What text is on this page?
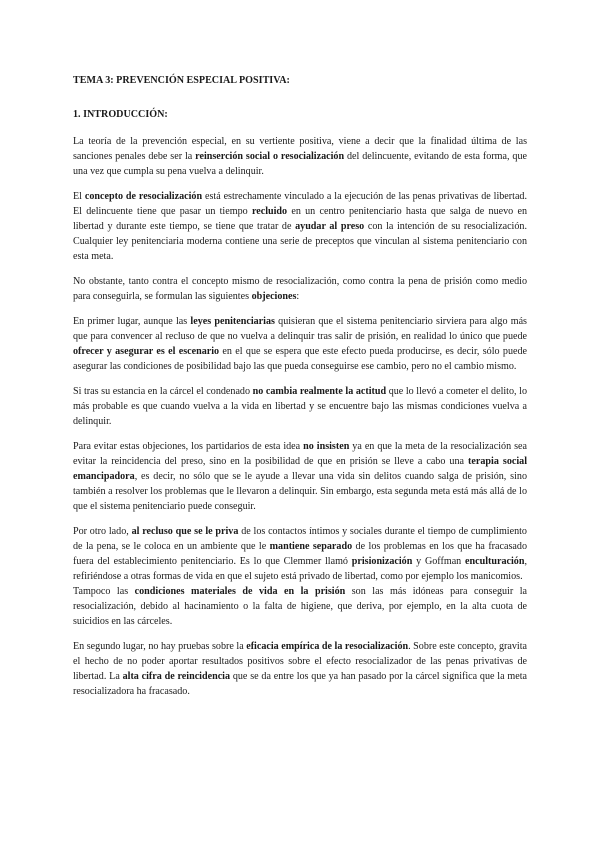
TEMA 3: PREVENCIÓN ESPECIAL POSITIVA:
1. INTRODUCCIÓN:

La teoría de la prevención especial, en su vertiente positiva, viene a decir que la finalidad última de las sanciones penales debe ser la reinserción social o resocialización del delincuente, evitando de esta forma, que una vez que cumpla su pena vuelva a delinquir.

El concepto de resocialización está estrechamente vinculado a la ejecución de las penas privativas de libertad. El delincuente tiene que pasar un tiempo recluido en un centro penitenciario hasta que salga de nuevo en libertad y durante este tiempo, se tiene que tratar de ayudar al preso con la intención de su resocialización. Cualquier ley penitenciaria moderna contiene una serie de preceptos que vinculan al sistema penitenciario con esta meta.

No obstante, tanto contra el concepto mismo de resocialización, como contra la pena de prisión como medio para conseguirla, se formulan las siguientes objeciones:

En primer lugar, aunque las leyes penitenciarias quisieran que el sistema penitenciario sirviera para algo más que para convencer al recluso de que no vuelva a delinquir tras salir de prisión, en realidad lo único que puede ofrecer y asegurar es el escenario en el que se espera que este efecto pueda producirse, es decir, sólo puede asegurar las condiciones de posibilidad bajo las que pueda conseguirse ese cambio, pero no el cambio mismo.

Si tras su estancia en la cárcel el condenado no cambia realmente la actitud que lo llevó a cometer el delito, lo más probable es que cuando vuelva a la vida en libertad y se encuentre bajo las mismas condiciones vuelva a delinquir.

Para evitar estas objeciones, los partidarios de esta idea no insisten ya en que la meta de la resocialización sea evitar la reincidencia del preso, sino en la posibilidad de que en prisión se lleve a cabo una terapia social emancipadora, es decir, no sólo que se le ayude a llevar una vida sin delitos cuando salga de prisión, sino también a resolver los problemas que le llevaron a delinquir. Sin embargo, esta segunda meta está más allá de lo que el sistema penitenciario puede conseguir.

Por otro lado, al recluso que se le priva de los contactos íntimos y sociales durante el tiempo de cumplimiento de la pena, se le coloca en un ambiente que le mantiene separado de los problemas en los que ha fracasado fuera del establecimiento penitenciario. Es lo que Clemmer llamó prisionización y Goffman enculturación, refiriéndose a otras formas de vida en que el sujeto está privado de libertad, como por ejemplo los manicomios.

Tampoco las condiciones materiales de vida en la prisión son las más idóneas para conseguir la resocialización, debido al hacinamiento o la falta de higiene, que deriva, por ejemplo, en la alta cuota de suicidios en las cárceles.

En segundo lugar, no hay pruebas sobre la eficacia empírica de la resocialización. Sobre este concepto, gravita el hecho de no poder aportar resultados positivos sobre el efecto resocializador de las penas privativas de libertad. La alta cifra de reincidencia que se da entre los que ya han pasado por la cárcel significa que la meta resocializadora ha fracasado.
